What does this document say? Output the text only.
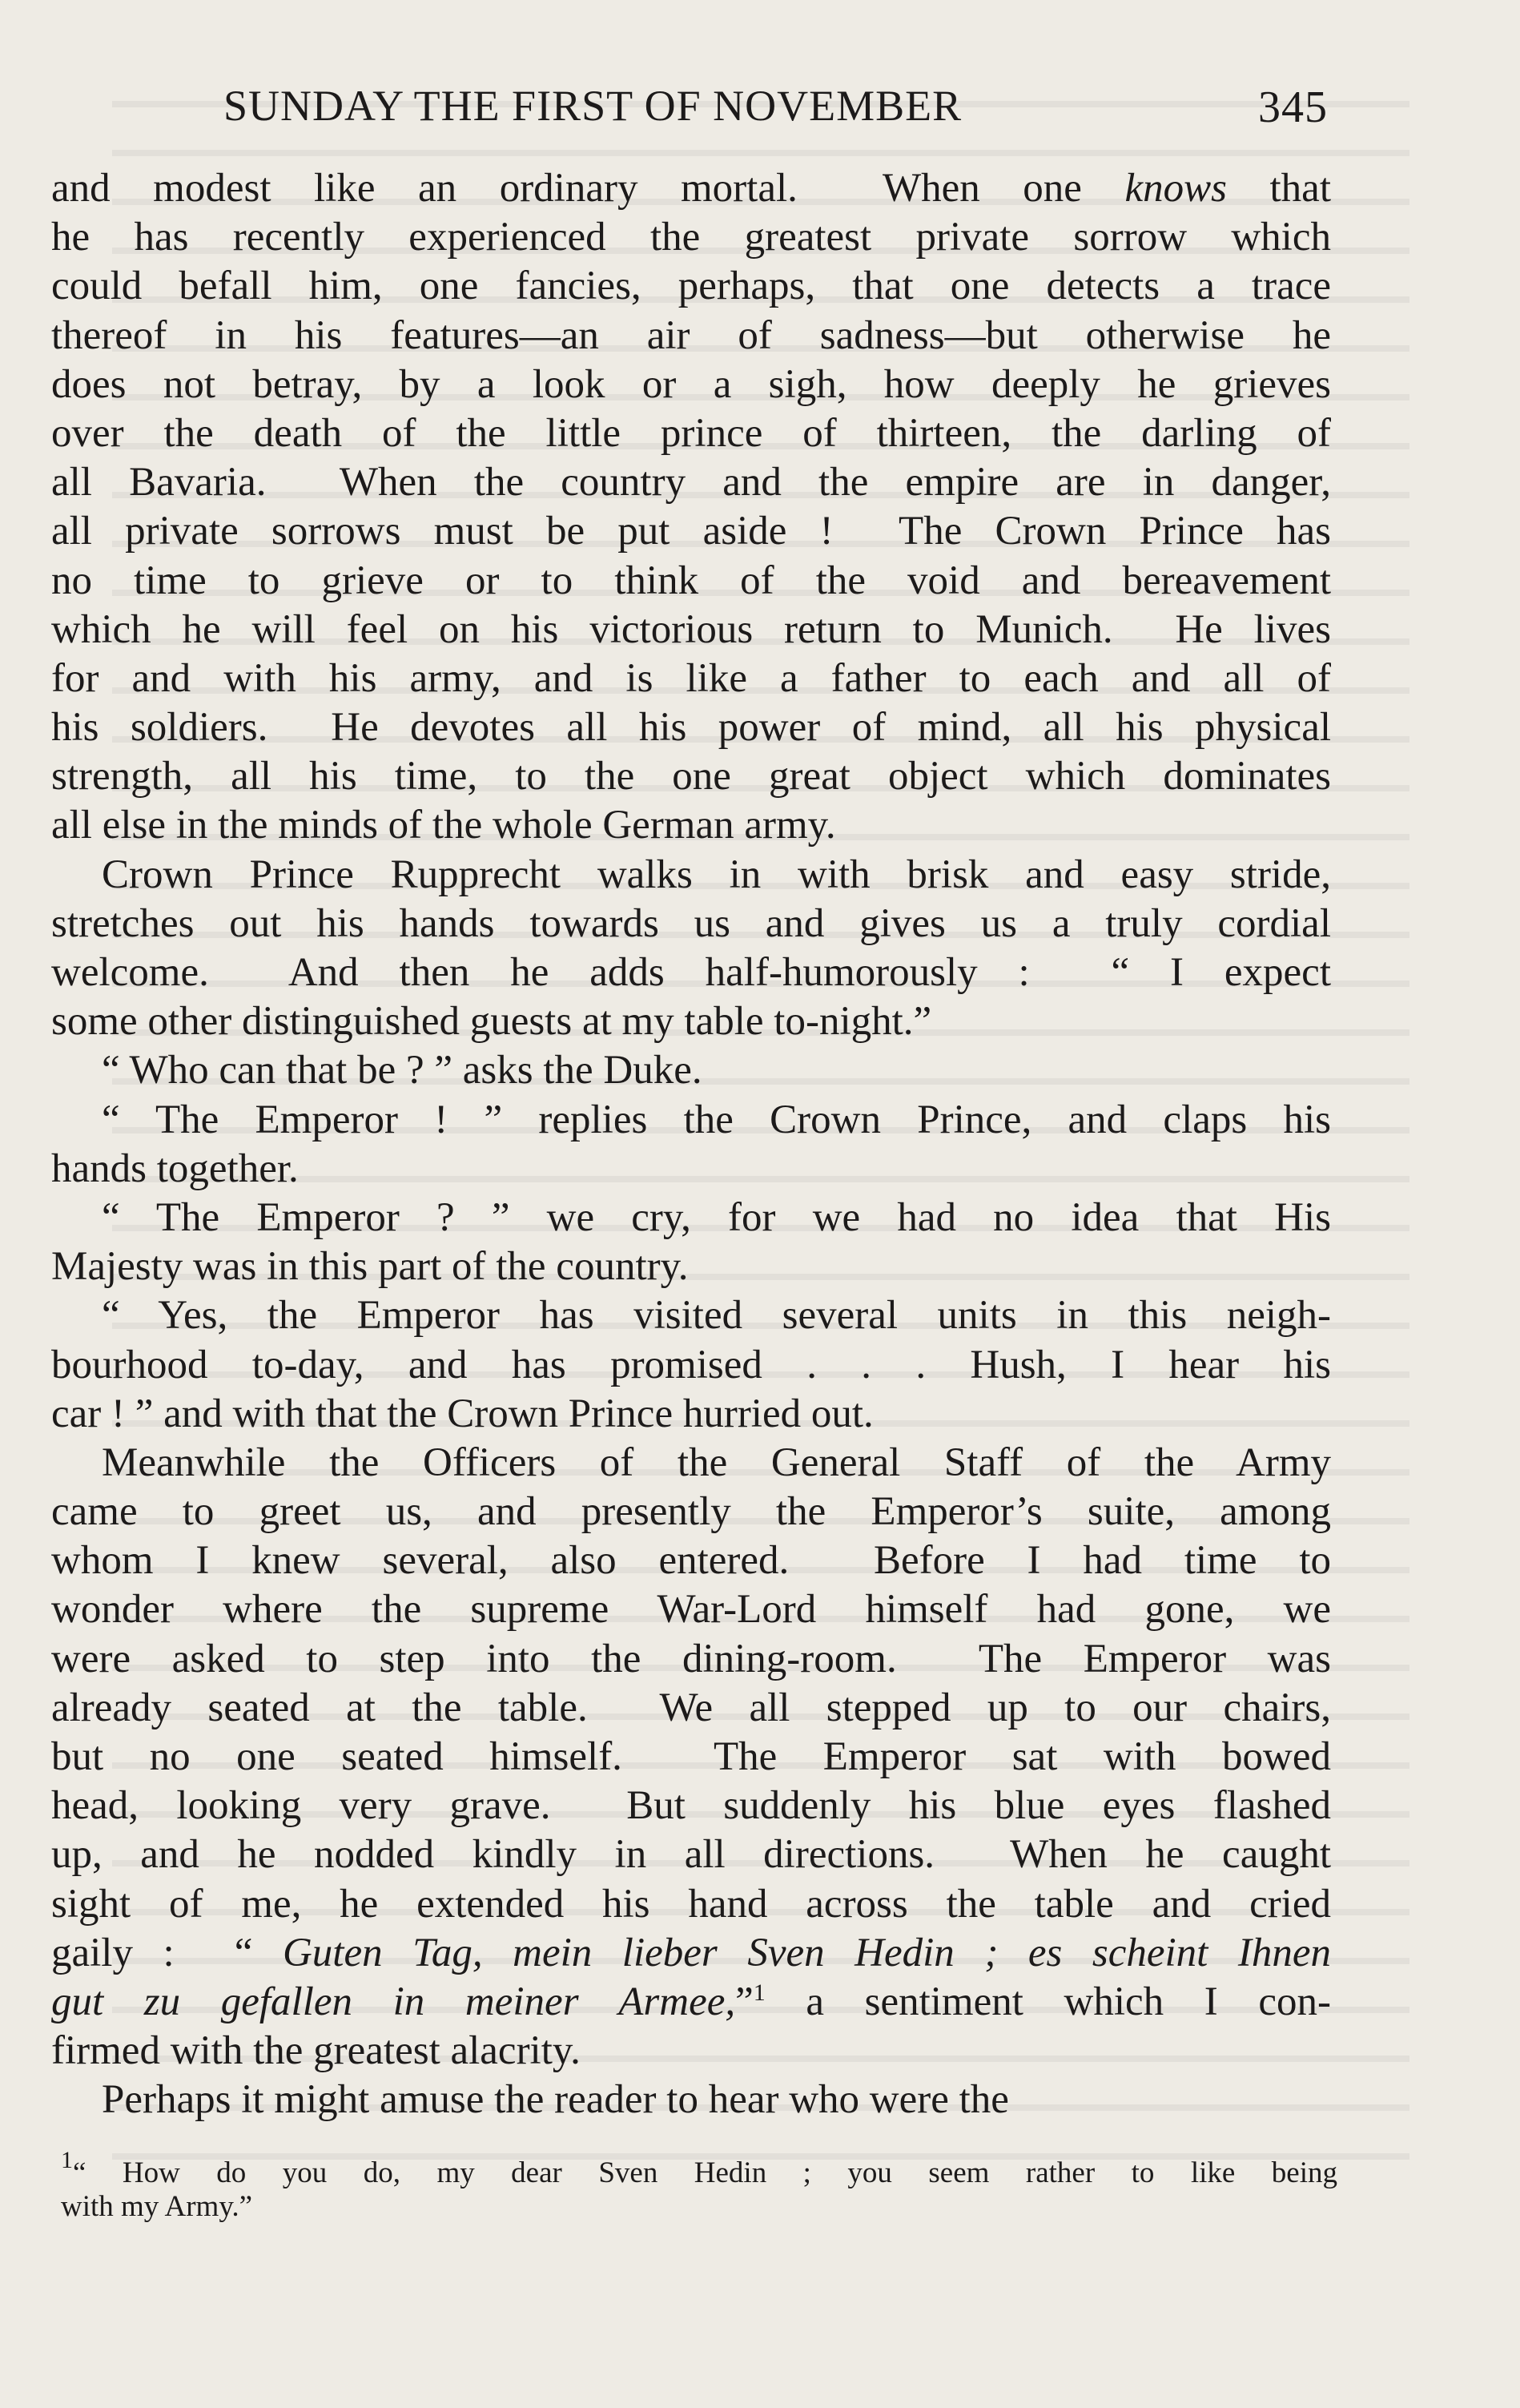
SUNDAY THE FIRST OF NOVEMBER	345
and modest like an ordinary mortal.  When one knows that
he has recently experienced the greatest private sorrow which
could befall him, one fancies, perhaps, that one detects a trace
thereof in his features—an air of sadness—but otherwise he
does not betray, by a look or a sigh, how deeply he grieves
over the death of the little prince of thirteen, the darling of
all Bavaria.  When the country and the empire are in danger,
all private sorrows must be put aside !  The Crown Prince has
no time to grieve or to think of the void and bereavement
which he will feel on his victorious return to Munich.  He lives
for and with his army, and is like a father to each and all of
his soldiers.  He devotes all his power of mind, all his physical
strength, all his time, to the one great object which dominates
all else in the minds of the whole German army.
Crown Prince Rupprecht walks in with brisk and easy stride,
stretches out his hands towards us and gives us a truly cordial
welcome.  And then he adds half-humorously :  “ I expect
some other distinguished guests at my table to-night.”
“ Who can that be ? ” asks the Duke.
“ The Emperor ! ” replies the Crown Prince, and claps his
hands together.
“ The Emperor ? ” we cry, for we had no idea that His
Majesty was in this part of the country.
“ Yes, the Emperor has visited several units in this neigh-
bourhood to-day, and has promised . . . Hush, I hear his
car ! ” and with that the Crown Prince hurried out.
Meanwhile the Officers of the General Staff of the Army
came to greet us, and presently the Emperor’s suite, among
whom I knew several, also entered.  Before I had time to
wonder where the supreme War-Lord himself had gone, we
were asked to step into the dining-room.  The Emperor was
already seated at the table.  We all stepped up to our chairs,
but no one seated himself.  The Emperor sat with bowed
head, looking very grave.  But suddenly his blue eyes flashed
up, and he nodded kindly in all directions.  When he caught
sight of me, he extended his hand across the table and cried
gaily :  “ Guten Tag, mein lieber Sven Hedin ; es scheint Ihnen
gut zu gefallen in meiner Armee,”$^1$ a sentiment which I con-
firmed with the greatest alacrity.
Perhaps it might amuse the reader to hear who were the
$^1$“ How do you do, my dear Sven Hedin ; you seem rather to like being
with my Army.”
